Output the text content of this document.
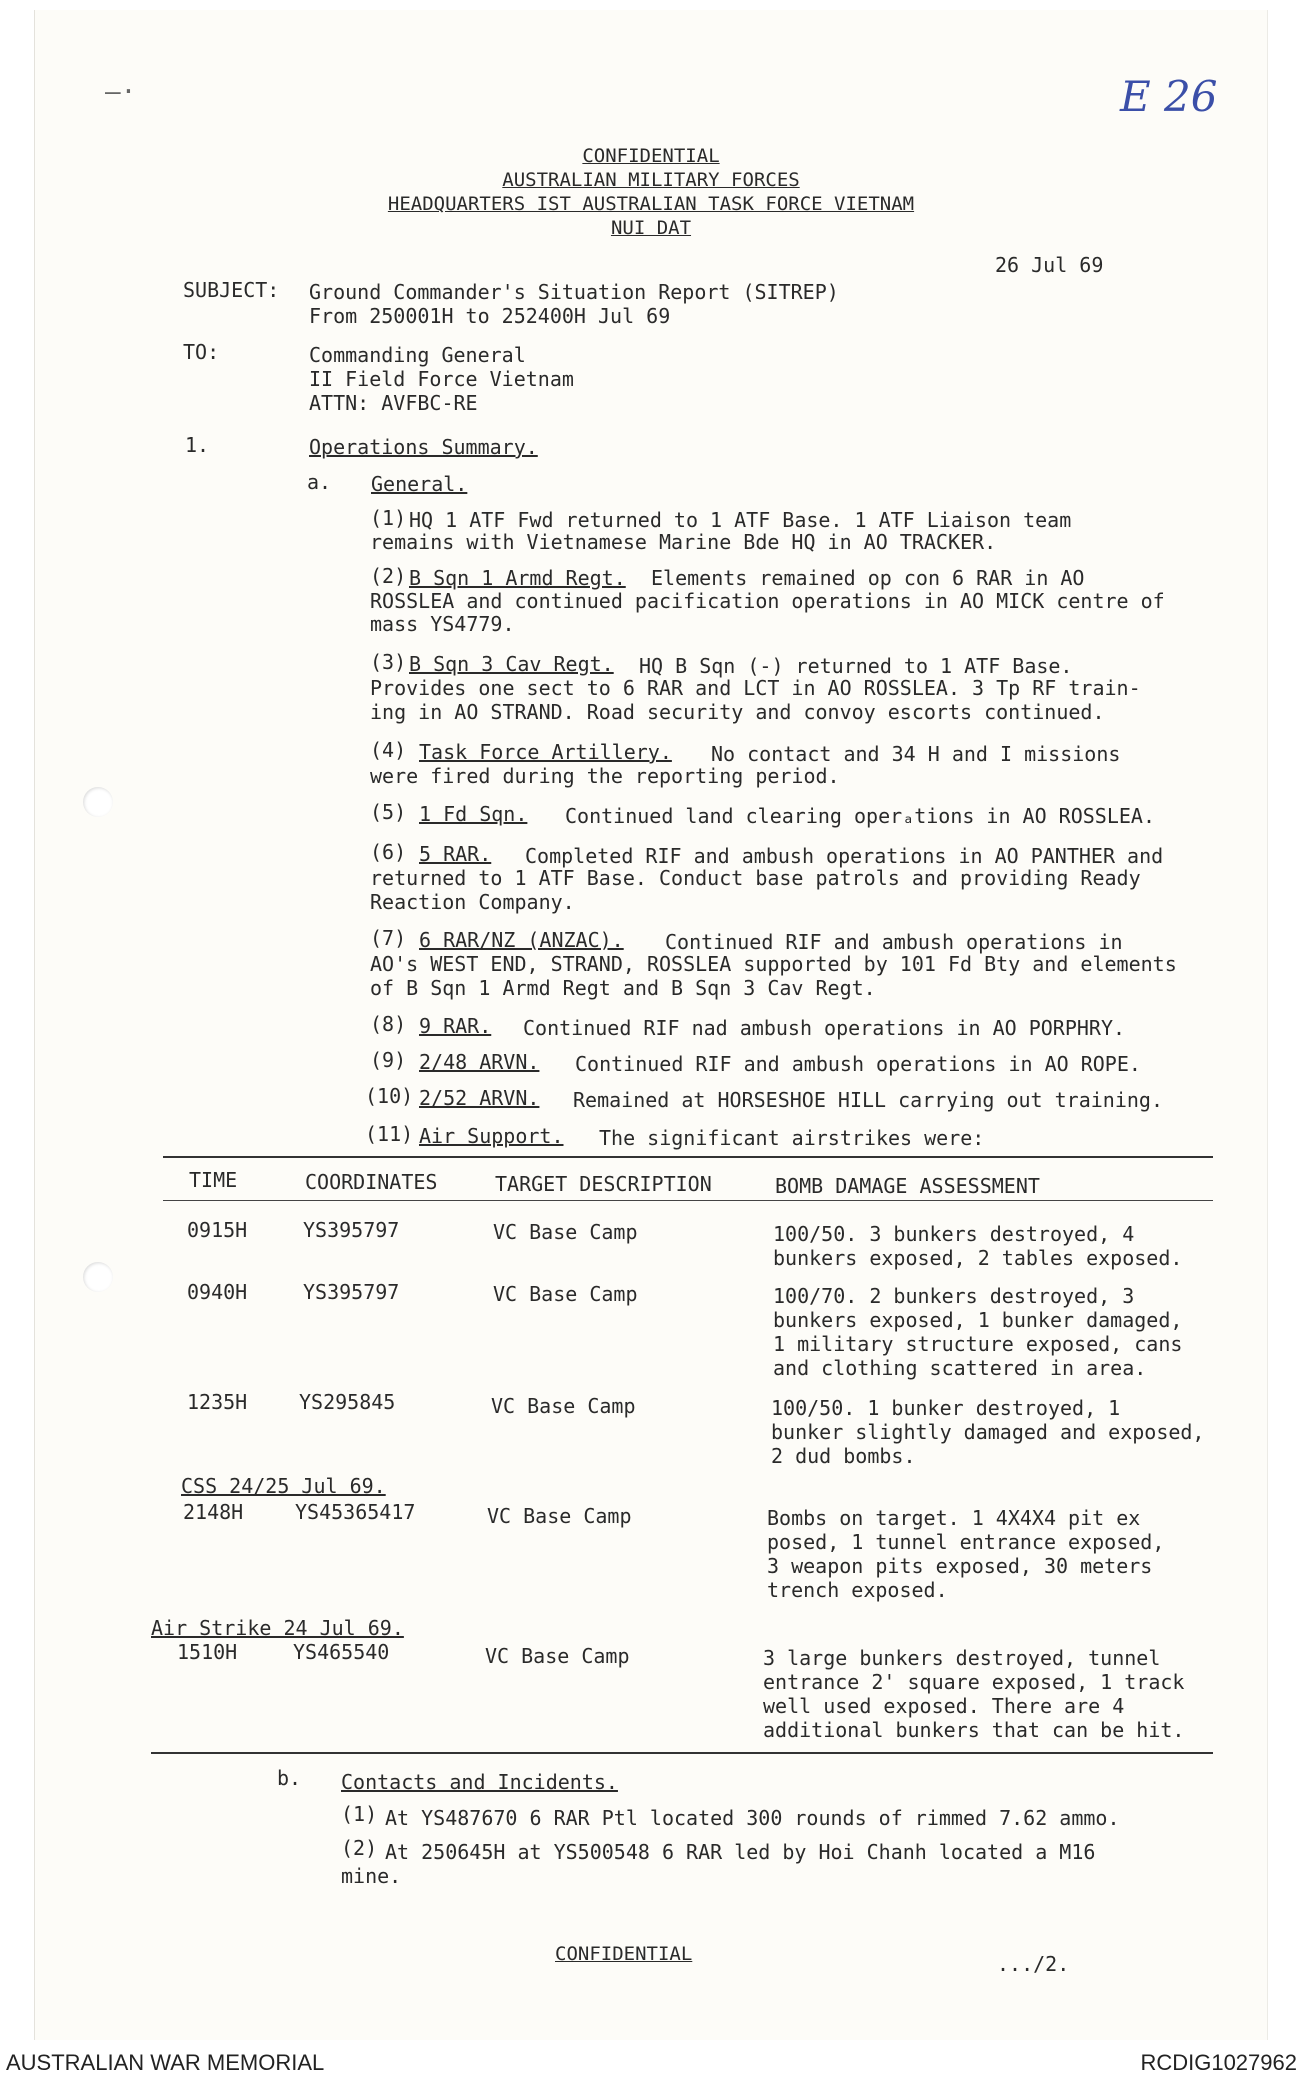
—·	E 26
CONFIDENTIAL
AUSTRALIAN MILITARY FORCES
HEADQUARTERS IST AUSTRALIAN TASK FORCE VIETNAM
NUI DAT
26 Jul 69
SUBJECT: Ground Commander's Situation Report (SITREP)
From 250001H to 252400H Jul 69
TO:	Commanding General
II Field Force Vietnam
ATTN: AVFBC-RE
1.	Operations Summary.
a. General.
(1) HQ 1 ATF Fwd returned to 1 ATF Base. 1 ATF Liaison team
remains with Vietnamese Marine Bde HQ in AO TRACKER.
(2) B Sqn 1 Armd Regt. Elements remained op con 6 RAR in AO
ROSSLEA and continued pacification operations in AO MICK centre of
mass YS4779.
(3) B Sqn 3 Cav Regt. HQ B Sqn (-) returned to 1 ATF Base.
Provides one sect to 6 RAR and LCT in AO ROSSLEA. 3 Tp RF train-
ing in AO STRAND. Road security and convoy escorts continued.
(4) Task Force Artillery. No contact and 34 H and I missions
were fired during the reporting period.
(5) 1 Fd Sqn. Continued land clearing operₐtions in AO ROSSLEA.
(6) 5 RAR. Completed RIF and ambush operations in AO PANTHER and
returned to 1 ATF Base. Conduct base patrols and providing Ready
Reaction Company.
(7) 6 RAR/NZ (ANZAC). Continued RIF and ambush operations in
AO's WEST END, STRAND, ROSSLEA supported by 101 Fd Bty and elements
of B Sqn 1 Armd Regt and B Sqn 3 Cav Regt.
(8) 9 RAR. Continued RIF nad ambush operations in AO PORPHRY.
(9) 2/48 ARVN. Continued RIF and ambush operations in AO ROPE.
(10) 2/52 ARVN. Remained at HORSESHOE HILL carrying out training.
(11) Air Support. The significant airstrikes were:
TIME	COORDINATES	TARGET DESCRIPTION	BOMB DAMAGE ASSESSMENT
0915H	YS395797	VC Base Camp	100/50. 3 bunkers destroyed, 4
bunkers exposed, 2 tables exposed.
0940H	YS395797	VC Base Camp	100/70. 2 bunkers destroyed, 3
bunkers exposed, 1 bunker damaged,
1 military structure exposed, cans
and clothing scattered in area.
1235H	YS295845	VC Base Camp	100/50. 1 bunker destroyed, 1
bunker slightly damaged and exposed,
2 dud bombs.
CSS 24/25 Jul 69.
2148H	YS45365417	VC Base Camp	Bombs on target. 1 4X4X4 pit ex
posed, 1 tunnel entrance exposed,
3 weapon pits exposed, 30 meters
trench exposed.
Air Strike 24 Jul 69.
1510H	YS465540	VC Base Camp	3 large bunkers destroyed, tunnel
entrance 2' square exposed, 1 track
well used exposed. There are 4
additional bunkers that can be hit.
b. Contacts and Incidents.
(1) At YS487670 6 RAR Ptl located 300 rounds of rimmed 7.62 ammo.
(2) At 250645H at YS500548 6 RAR led by Hoi Chanh located a M16
mine.
CONFIDENTIAL	.../2.
AUSTRALIAN WAR MEMORIAL	RCDIG1027962
